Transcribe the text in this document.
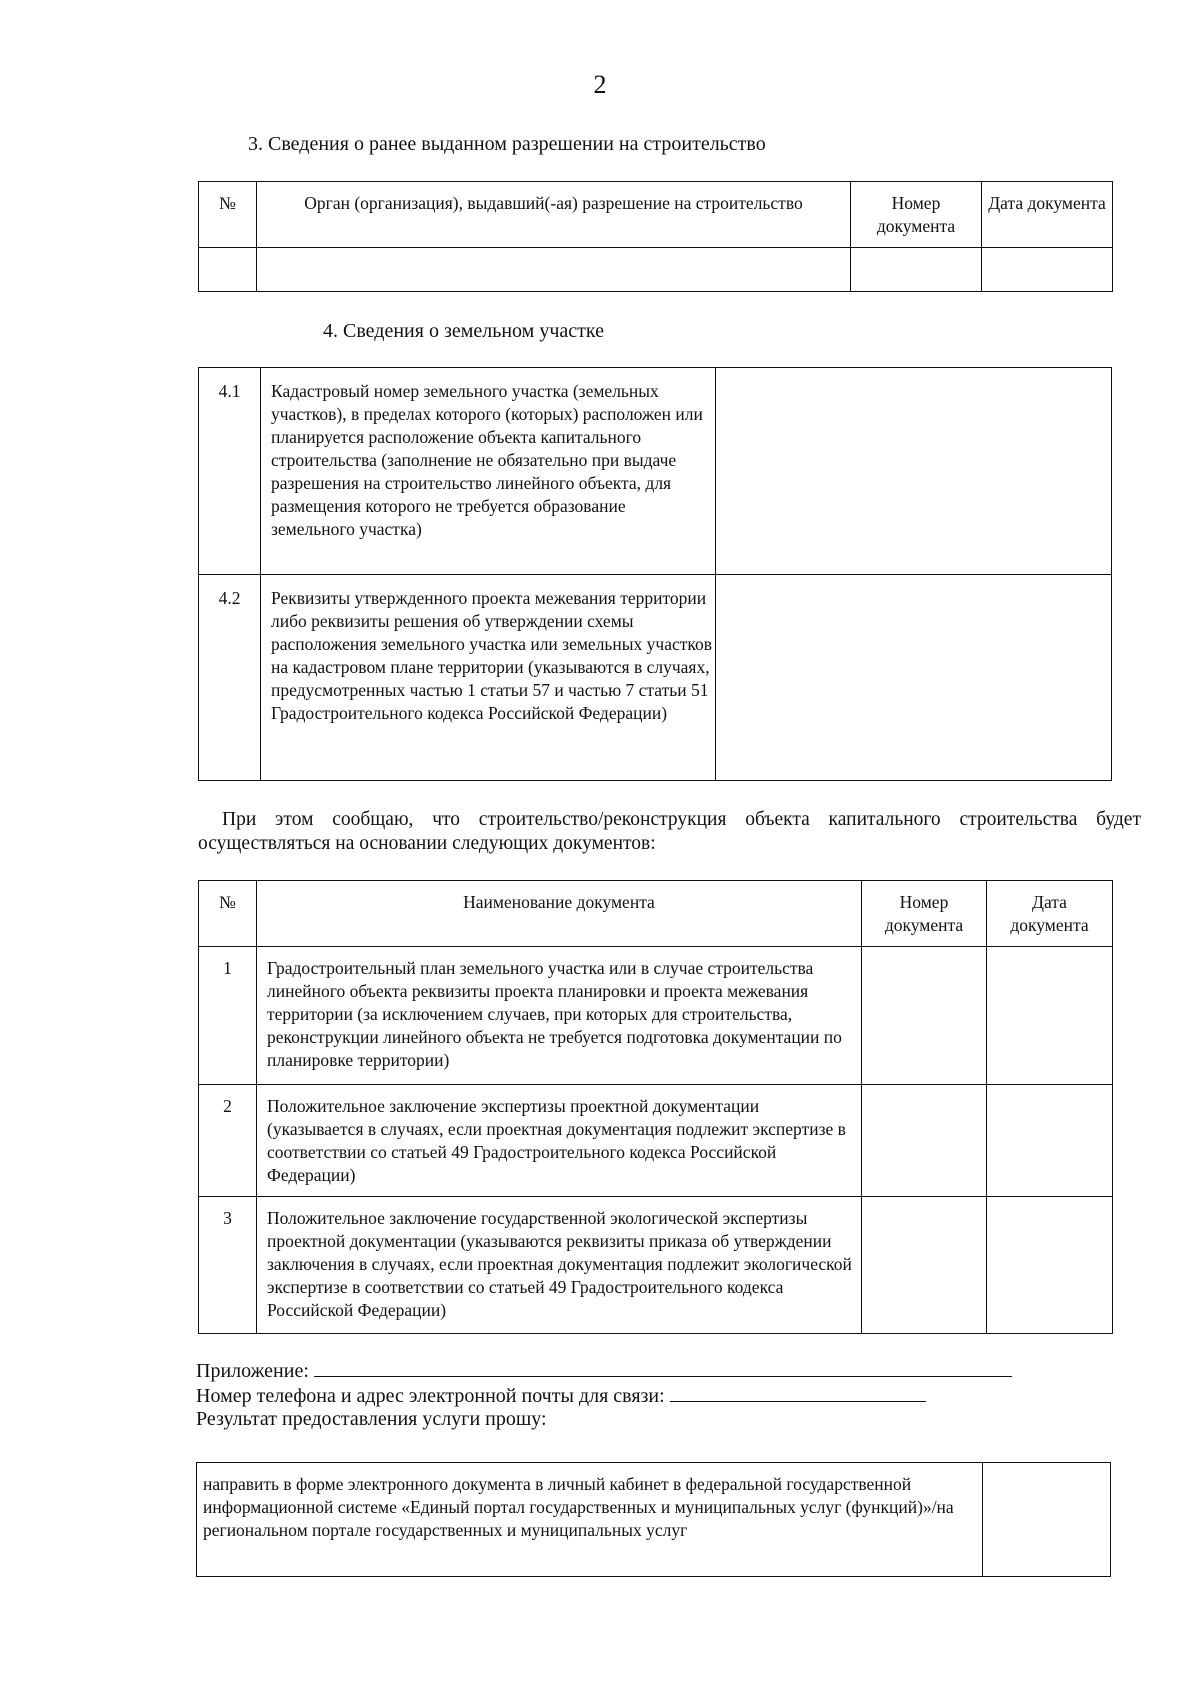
2
3. Сведения о ранее выданном разрешении на строительство
№	Орган (организация), выдавший(-ая) разрешение на строительство	Номер документа	Дата документа

4. Сведения о земельном участке
4.1	Кадастровый номер земельного участка (земельных участков), в пределах которого (которых) расположен или планируется расположение объекта капитального строительства (заполнение не обязательно при выдаче разрешения на строительство линейного объекта, для размещения которого не требуется образование земельного участка)	
4.2	Реквизиты утвержденного проекта межевания территории либо реквизиты решения об утверждении схемы расположения земельного участка или земельных участков на кадастровом плане территории (указываются в случаях, предусмотренных частью 1 статьи 57 и частью 7 статьи 51 Градостроительного кодекса Российской Федерации)	
При этом сообщаю, что строительство/реконструкция объекта капитального строительства будет осуществляться на основании следующих документов:
№	Наименование документа	Номер документа	Дата документа
1	Градостроительный план земельного участка или в случае строительства линейного объекта реквизиты проекта планировки и проекта межевания территории (за исключением случаев, при которых для строительства, реконструкции линейного объекта не требуется подготовка документации по планировке территории)		
2	Положительное заключение экспертизы проектной документации (указывается в случаях, если проектная документация подлежит экспертизе в соответствии со статьей 49 Градостроительного кодекса Российской Федерации)		
3	Положительное заключение государственной экологической экспертизы проектной документации (указываются реквизиты приказа об утверждении заключения в случаях, если проектная документация подлежит экологической экспертизе в соответствии со статьей 49 Градостроительного кодекса Российской Федерации)		
Приложение:
Номер телефона и адрес электронной почты для связи:
Результат предоставления услуги прошу:
направить в форме электронного документа в личный кабинет в федеральной государственной информационной системе «Единый портал государственных и муниципальных услуг (функций)»/на региональном портале государственных и муниципальных услуг	
